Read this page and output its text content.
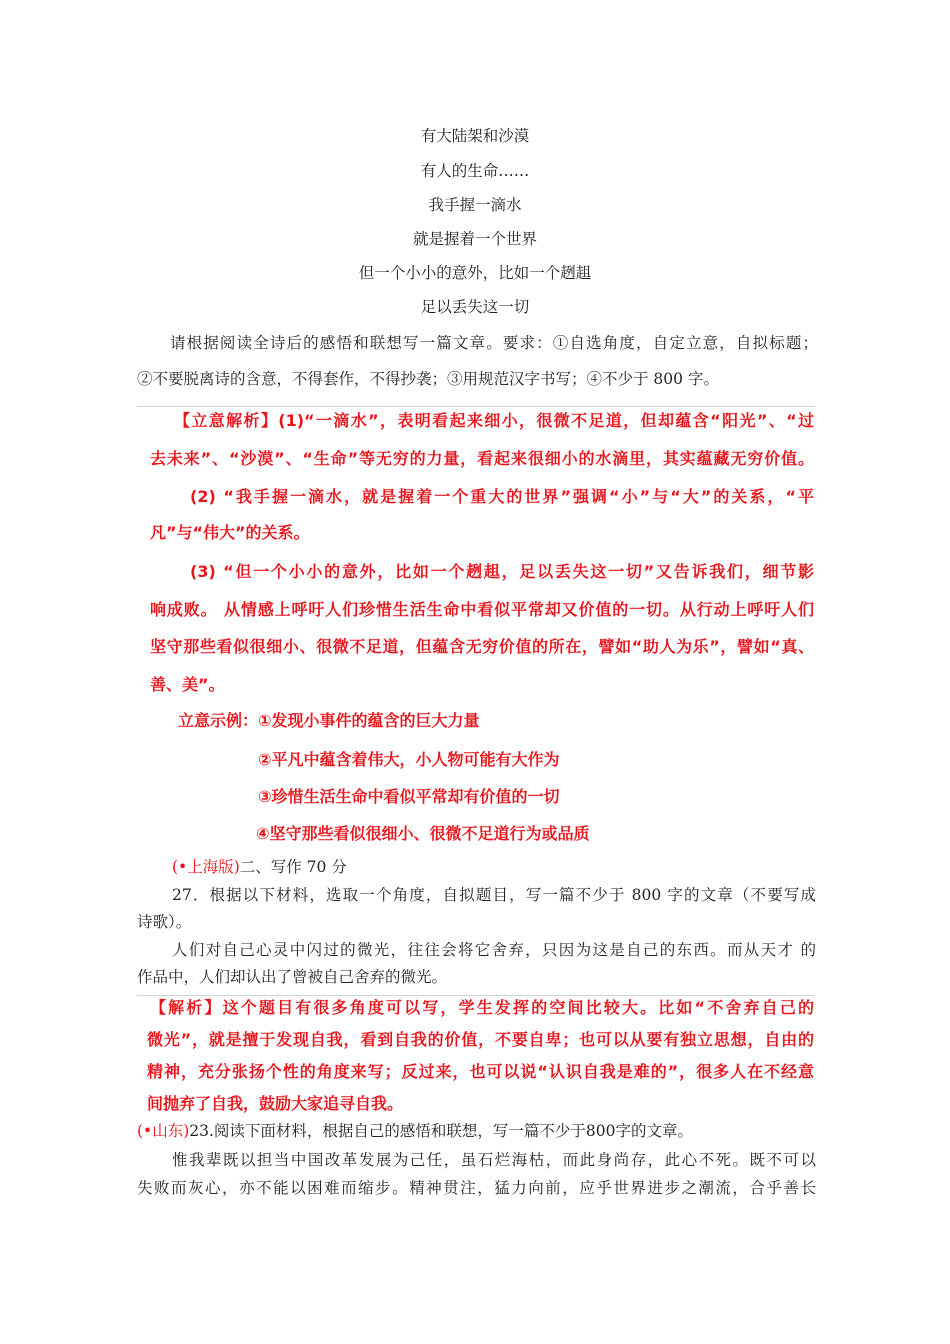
有大陆架和沙漠
有人的生命……
我手握一滴水
就是握着一个世界
但一个小小的意外，比如一个趔趄
足以丢失这一切
请根据阅读全诗后的感悟和联想写一篇文章。要求：①自选角度，自定立意，自拟标题；
②不要脱离诗的含意，不得套作，不得抄袭；③用规范汉字书写；④不少于 800 字。
【立意解析】(1)“一滴水”，表明看起来细小，很微不足道，但却蕴含“阳光”、“过
去未来”、“沙漠”、“生命”等无穷的力量，看起来很细小的水滴里，其实蕴藏无穷价值。
(2) “我手握一滴水，就是握着一个重大的世界”强调“小”与“大”的关系，“平
凡”与“伟大”的关系。
(3) “但一个小小的意外，比如一个趔趄，足以丢失这一切”又告诉我们，细节影
响成败。 从情感上呼吁人们珍惜生活生命中看似平常却又价值的一切。从行动上呼吁人们
坚守那些看似很细小、很微不足道，但蕴含无穷价值的所在，譬如“助人为乐”，譬如“真、
善、美”。
立意示例：①发现小事件的蕴含的巨大力量
②平凡中蕴含着伟大，小人物可能有大作为
③珍惜生活生命中看似平常却有价值的一切
④坚守那些看似很细小、很微不足道行为或品质
(•上海版)二、写作 70 分
27．根据以下材料，选取一个角度，自拟题目，写一篇不少于 800 字的文章（不要写成
诗歌）。
人们对自己心灵中闪过的微光，往往会将它舍弃，只因为这是自己的东西。而从天才 的
作品中，人们却认出了曾被自己舍弃的微光。
【解析】这个题目有很多角度可以写，学生发挥的空间比较大。比如“不舍弃自己的
微光”，就是擅于发现自我，看到自我的价值，不要自卑；也可以从要有独立思想，自由的
精神，充分张扬个性的角度来写；反过来，也可以说“认识自我是难的”，很多人在不经意
间抛弃了自我，鼓励大家追寻自我。
(•山东)23.阅读下面材料，根据自己的感悟和联想，写一篇不少于800字的文章。
惟我辈既以担当中国改革发展为己任，虽石烂海枯，而此身尚存，此心不死。既不可以
失败而灰心，亦不能以困难而缩步。精神贯注，猛力向前，应乎世界进步之潮流，合乎善长
